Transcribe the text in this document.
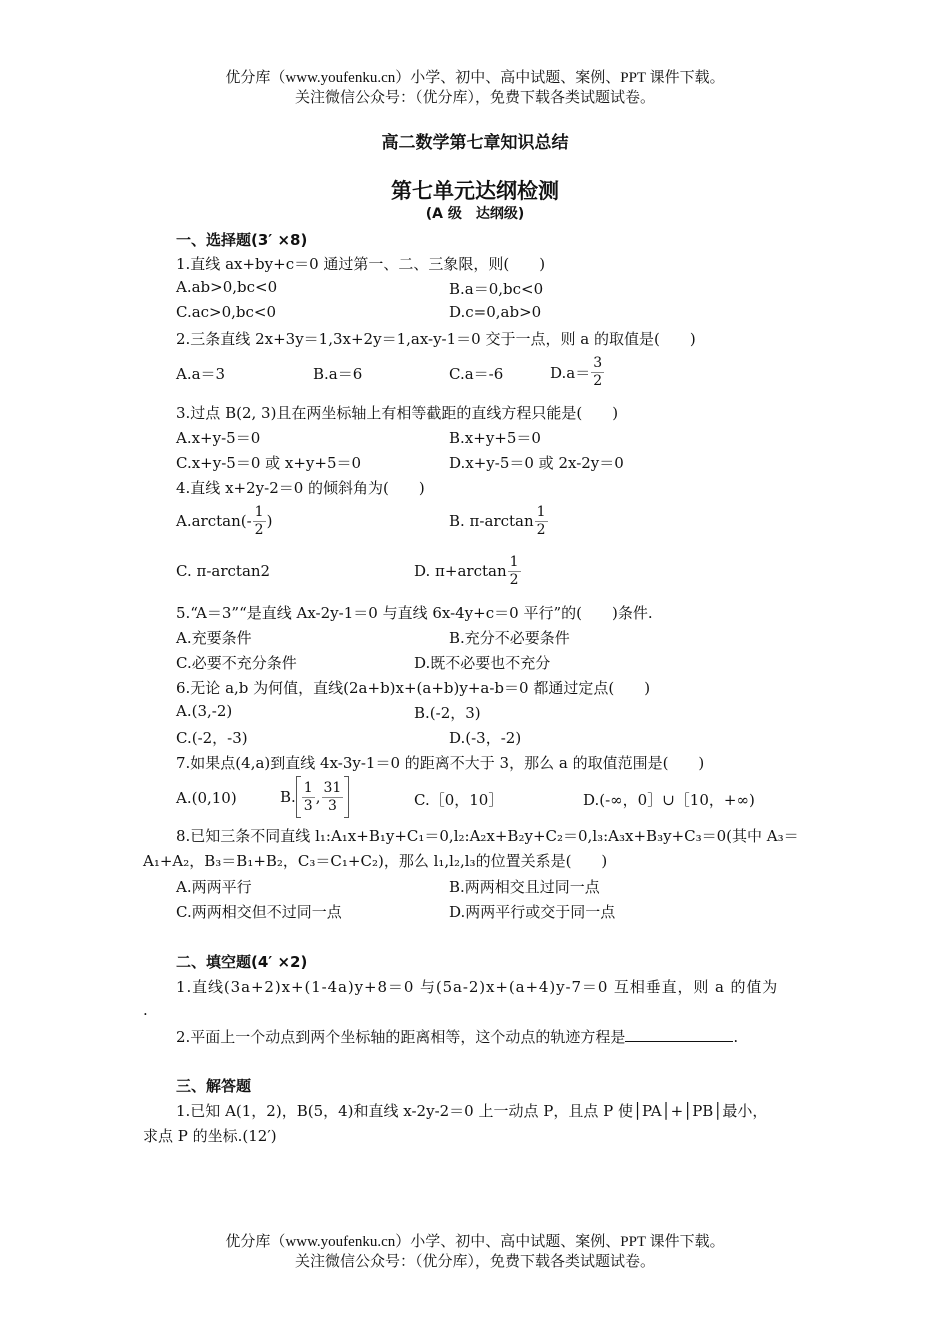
优分库（www.youfenku.cn）小学、初中、高中试题、案例、PPT 课件下载。
关注微信公众号：（优分库），免费下载各类试题试卷。
高二数学第七章知识总结
第七单元达纲检测
(A 级　达纲级)
一、选择题(3′ ×8)
1.直线 ax+by+c＝0 通过第一、二、三象限，则(　　)
A.ab>0,bc<0	B.a＝0,bc<0
C.ac>0,bc<0	D.c=0,ab>0
2.三条直线 2x+3y＝1,3x+2y＝1,ax-y-1＝0 交于一点，则 a 的取值是(　　)
A.a＝3	B.a＝6	C.a＝-6	$D.a= \frac{3}{2}$
3.过点 B(2, 3)且在两坐标轴上有相等截距的直线方程只能是(　　)
A.x+y-5＝0	B.x+y+5＝0
C.x+y-5＝0 或 x+y+5＝0	D.x+y-5＝0 或 2x-2y＝0
4.直线 x+2y-2＝0 的倾斜角为(　　)
$A.\arctan(- \frac{1}{2}$ )	B. $\pi-\arctan \frac{1}{2}$
C. π-arctan2	D. $\pi+\arctan \frac{1}{2}$
5.“A＝3”“是直线 Ax-2y-1＝0 与直线 6x-4y+c＝0 平行”的(　　)条件.
A.充要条件	B.充分不必要条件
C.必要不充分条件	D.既不必要也不充分
6.无论 a,b 为何值，直线(2a+b)x+(a+b)y+a-b＝0 都通过定点(　　)
A.(3,-2)	B.(-2，3)
C.(-2，-3)	D.(-3，-2)
7.如果点(4,a)到直线 4x-3y-1＝0 的距离不大于 3，那么 a 的取值范围是(　　)
A.(0,10)	B. $\frac{1}{3}$ , $\frac{31}{3}$	C.［0，10］	D.(-∞，0］∪［10，+∞)
8.已知三条不同直线 l₁:A₁x+B₁y+C₁＝0,l₂:A₂x+B₂y+C₂＝0,l₃:A₃x+B₃y+C₃＝0(其中 A₃＝
A₁+A₂，B₃＝B₁+B₂，C₃＝C₁+C₂)，那么 l₁,l₂,l₃的位置关系是(　　)
A.两两平行	B.两两相交且过同一点
C.两两相交但不过同一点	D.两两平行或交于同一点
二、填空题(4′ ×2)
1.直线(3a+2)x+(1-4a)y+8＝0 与(5a-2)x+(a+4)y-7＝0 互相垂直，则 a 的值为
.
2.平面上一个动点到两个坐标轴的距离相等，这个动点的轨迹方程是	.
三、解答题
1.已知 A(1，2)，B(5，4)和直线 x-2y-2＝0 上一动点 P，且点 P 使│PA│+│PB│最小，
求点 P 的坐标.(12′)
优分库（www.youfenku.cn）小学、初中、高中试题、案例、PPT 课件下载。
关注微信公众号：（优分库），免费下载各类试题试卷。
